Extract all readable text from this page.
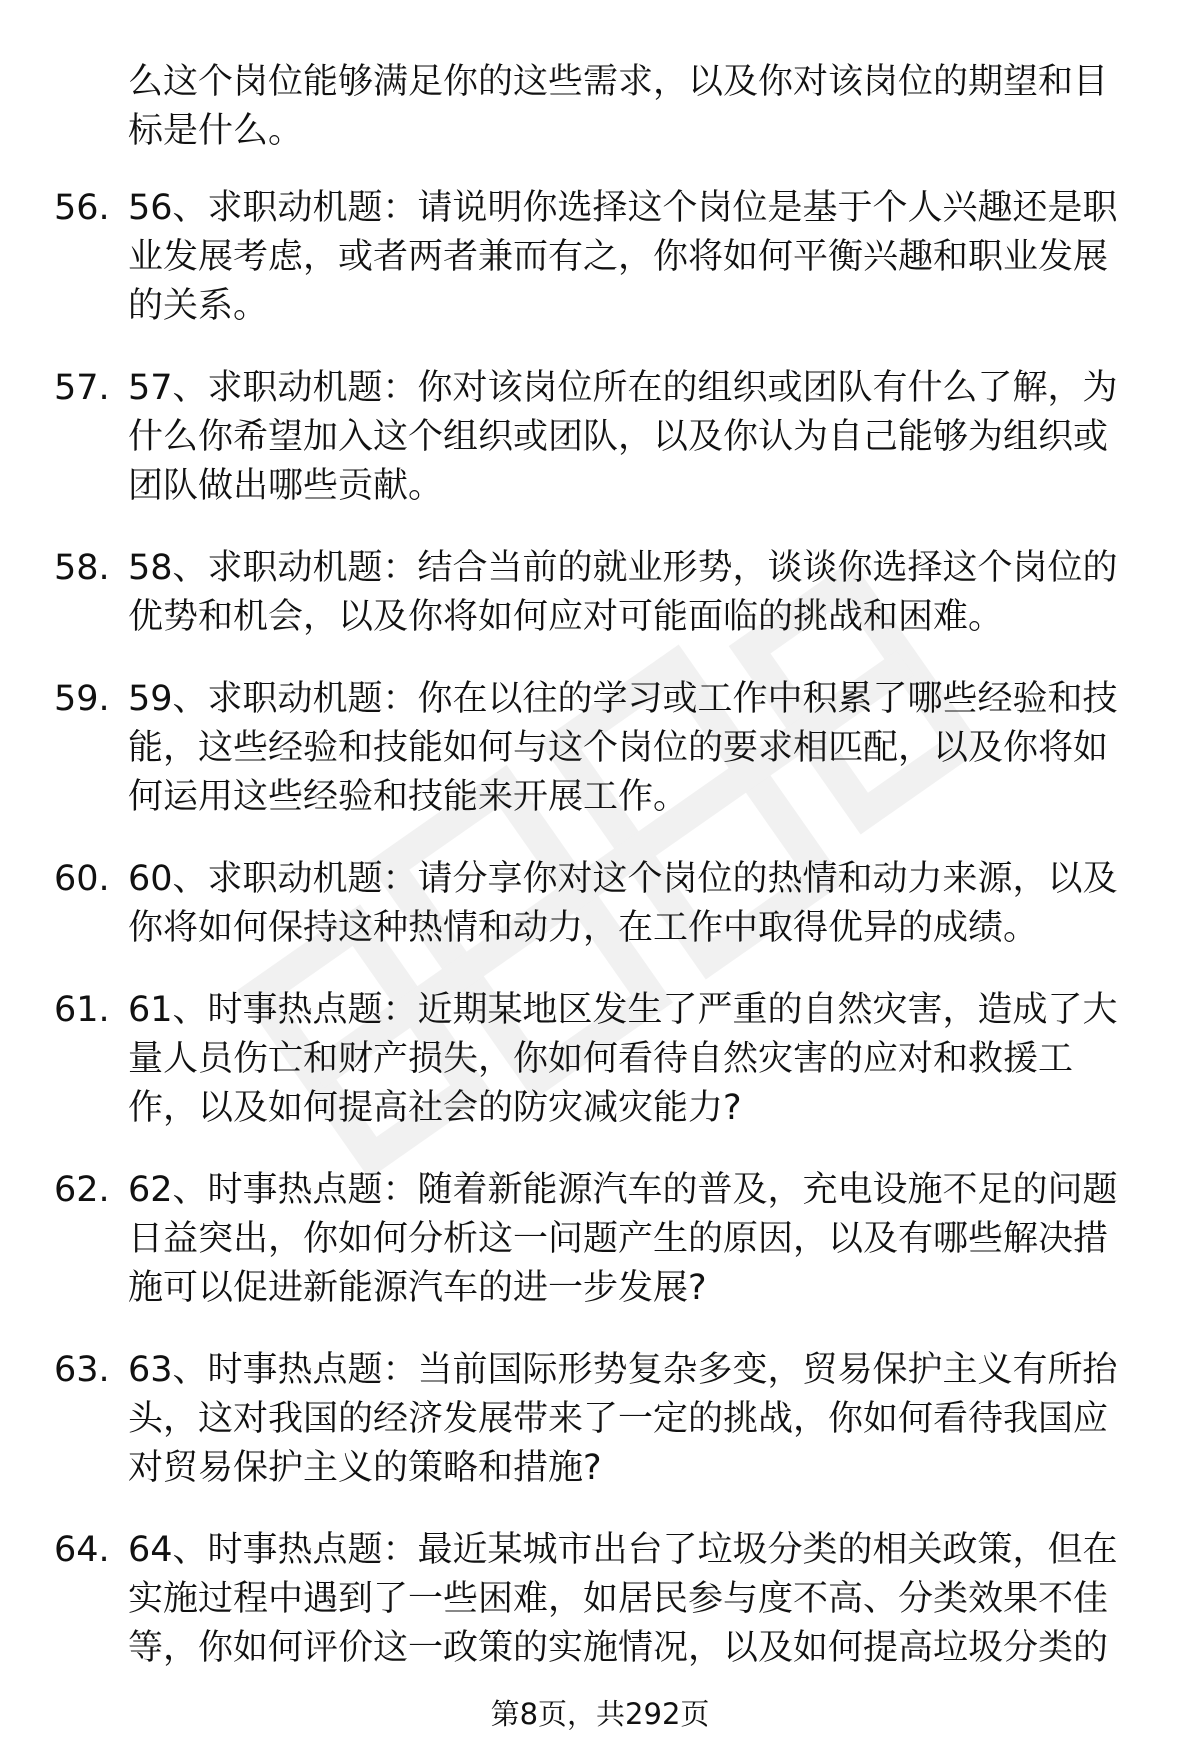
么这个岗位能够满足你的这些需求，以及你对该岗位的期望和目标是什么。

56. 56、求职动机题：请说明你选择这个岗位是基于个人兴趣还是职业发展考虑，或者两者兼而有之，你将如何平衡兴趣和职业发展的关系。
57. 57、求职动机题：你对该岗位所在的组织或团队有什么了解，为什么你希望加入这个组织或团队，以及你认为自己能够为组织或团队做出哪些贡献。
58. 58、求职动机题：结合当前的就业形势，谈谈你选择这个岗位的优势和机会，以及你将如何应对可能面临的挑战和困难。
59. 59、求职动机题：你在以往的学习或工作中积累了哪些经验和技能，这些经验和技能如何与这个岗位的要求相匹配，以及你将如何运用这些经验和技能来开展工作。
60. 60、求职动机题：请分享你对这个岗位的热情和动力来源，以及你将如何保持这种热情和动力，在工作中取得优异的成绩。
61. 61、时事热点题：近期某地区发生了严重的自然灾害，造成了大量人员伤亡和财产损失，你如何看待自然灾害的应对和救援工作，以及如何提高社会的防灾减灾能力?
62. 62、时事热点题：随着新能源汽车的普及，充电设施不足的问题日益突出，你如何分析这一问题产生的原因，以及有哪些解决措施可以促进新能源汽车的进一步发展?
63. 63、时事热点题：当前国际形势复杂多变，贸易保护主义有所抬头，这对我国的经济发展带来了一定的挑战，你如何看待我国应对贸易保护主义的策略和措施?
64. 64、时事热点题：最近某城市出台了垃圾分类的相关政策，但在实施过程中遇到了一些困难，如居民参与度不高、分类效果不佳等，你如何评价这一政策的实施情况，以及如何提高垃圾分类的
第8页，共292页
